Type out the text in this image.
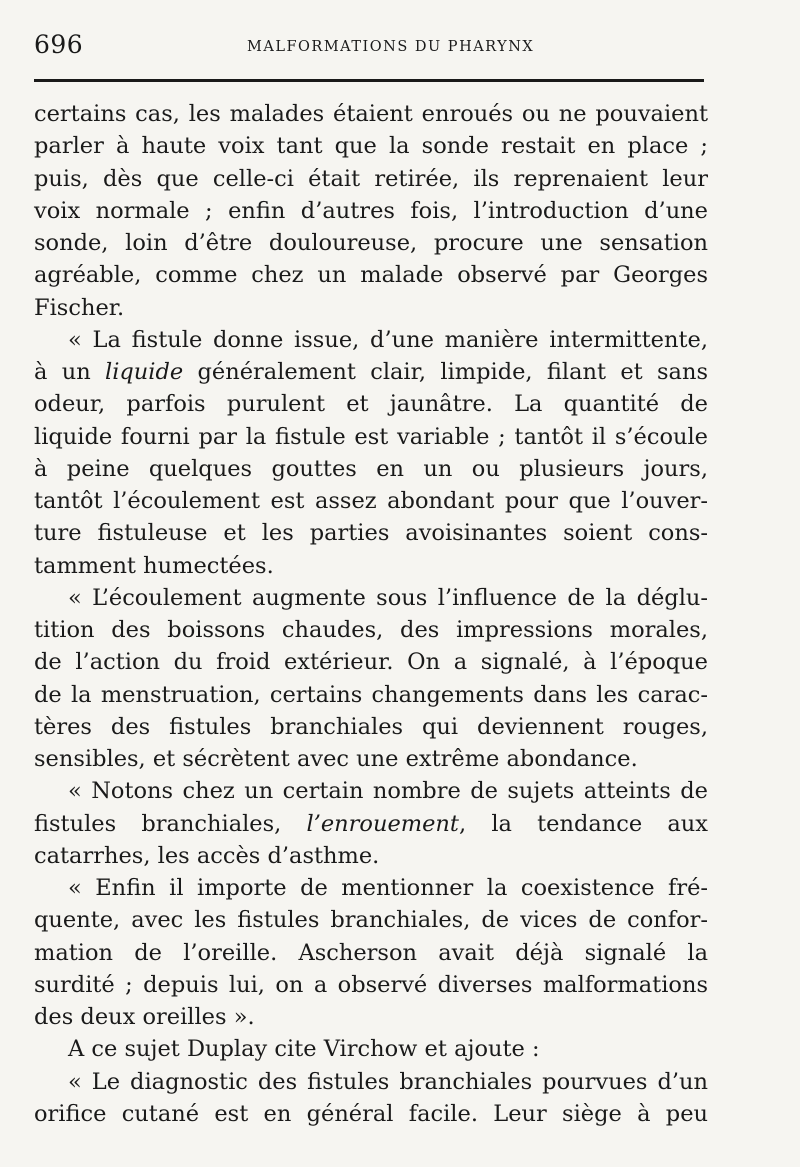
696	MALFORMATIONS DU PHARYNX
certains cas, les malades étaient enroués ou ne pouvaient
parler à haute voix tant que la sonde restait en place ;
puis, dès que celle-ci était retirée, ils reprenaient leur
voix normale ; enfin d’autres fois, l’introduction d’une
sonde, loin d’être douloureuse, procure une sensation
agréable, comme chez un malade observé par Georges
Fischer.
« La fistule donne issue, d’une manière intermittente,
à un liquide généralement clair, limpide, filant et sans
odeur, parfois purulent et jaunâtre. La quantité de
liquide fourni par la fistule est variable ; tantôt il s’écoule
à peine quelques gouttes en un ou plusieurs jours,
tantôt l’écoulement est assez abondant pour que l’ouver-
ture fistuleuse et les parties avoisinantes soient cons-
tamment humectées.
« L’écoulement augmente sous l’influence de la déglu-
tition des boissons chaudes, des impressions morales,
de l’action du froid extérieur. On a signalé, à l’époque
de la menstruation, certains changements dans les carac-
tères des fistules branchiales qui deviennent rouges,
sensibles, et sécrètent avec une extrême abondance.
« Notons chez un certain nombre de sujets atteints de
fistules branchiales, l’enrouement, la tendance aux
catarrhes, les accès d’asthme.
« Enfin il importe de mentionner la coexistence fré-
quente, avec les fistules branchiales, de vices de confor-
mation de l’oreille. Ascherson avait déjà signalé la
surdité ; depuis lui, on a observé diverses malformations
des deux oreilles ».
A ce sujet Duplay cite Virchow et ajoute :
« Le diagnostic des fistules branchiales pourvues d’un
orifice cutané est en général facile. Leur siège à peu
